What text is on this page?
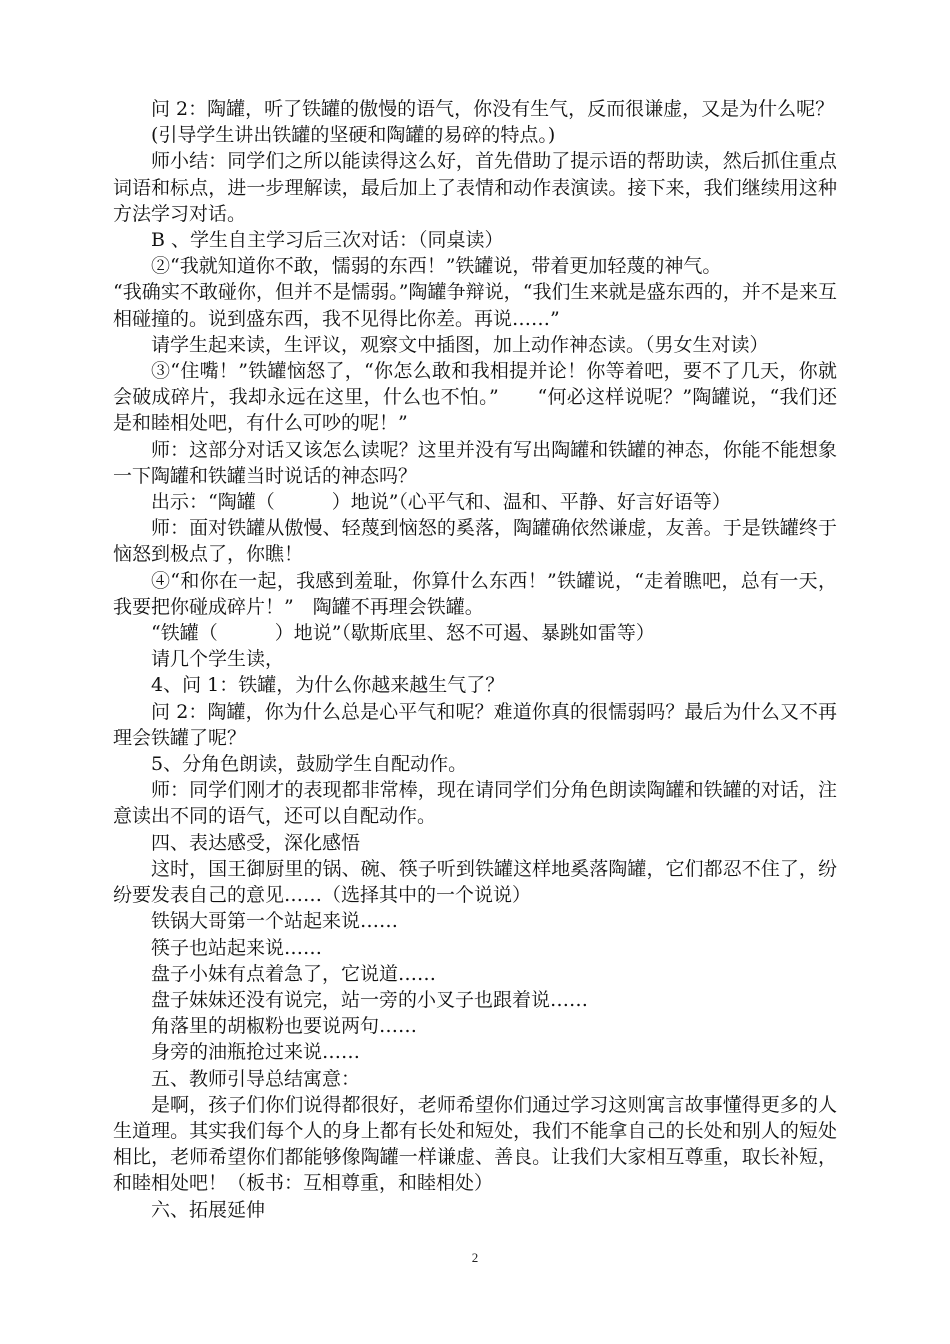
问 2：陶罐，听了铁罐的傲慢的语气，你没有生气，反而很谦虚，又是为什么呢？

(引导学生讲出铁罐的坚硬和陶罐的易碎的特点。)

师小结：同学们之所以能读得这么好，首先借助了提示语的帮助读，然后抓住重点词语和标点，进一步理解读，最后加上了表情和动作表演读。接下来，我们继续用这种方法学习对话。

B 、学生自主学习后三次对话：（同桌读）

②“我就知道你不敢，懦弱的东西！”铁罐说，带着更加轻蔑的神气。

“我确实不敢碰你，但并不是懦弱。”陶罐争辩说，“我们生来就是盛东西的，并不是来互相碰撞的。说到盛东西，我不见得比你差。再说……”

请学生起来读，生评议，观察文中插图，加上动作神态读。（男女生对读）

③“住嘴！”铁罐恼怒了，“你怎么敢和我相提并论！你等着吧，要不了几天，你就会破成碎片，我却永远在这里，什么也不怕。”　　“何必这样说呢？”陶罐说，“我们还是和睦相处吧，有什么可吵的呢！”

师：这部分对话又该怎么读呢？这里并没有写出陶罐和铁罐的神态，你能不能想象一下陶罐和铁罐当时说话的神态吗？

出示：“陶罐（　　　）地说”（心平气和、温和、平静、好言好语等）

师：面对铁罐从傲慢、轻蔑到恼怒的奚落，陶罐确依然谦虚，友善。于是铁罐终于恼怒到极点了，你瞧！

④“和你在一起，我感到羞耻，你算什么东西！”铁罐说，“走着瞧吧，总有一天，我要把你碰成碎片！”　陶罐不再理会铁罐。

“铁罐（　　　）地说”（歇斯底里、怒不可遏、暴跳如雷等）

请几个学生读，

4、问 1：铁罐，为什么你越来越生气了？

问 2：陶罐，你为什么总是心平气和呢？难道你真的很懦弱吗？最后为什么又不再理会铁罐了呢？

5、分角色朗读，鼓励学生自配动作。

师：同学们刚才的表现都非常棒，现在请同学们分角色朗读陶罐和铁罐的对话，注意读出不同的语气，还可以自配动作。

四、表达感受，深化感悟

这时，国王御厨里的锅、碗、筷子听到铁罐这样地奚落陶罐，它们都忍不住了，纷纷要发表自己的意见……（选择其中的一个说说）

铁锅大哥第一个站起来说……

筷子也站起来说……

盘子小妹有点着急了，它说道……

盘子妹妹还没有说完，站一旁的小叉子也跟着说……

角落里的胡椒粉也要说两句……

身旁的油瓶抢过来说……

五、教师引导总结寓意：

是啊，孩子们你们说得都很好，老师希望你们通过学习这则寓言故事懂得更多的人生道理。其实我们每个人的身上都有长处和短处，我们不能拿自己的长处和别人的短处相比，老师希望你们都能够像陶罐一样谦虚、善良。让我们大家相互尊重，取长补短，和睦相处吧！（板书：互相尊重，和睦相处）

六、拓展延伸

2
